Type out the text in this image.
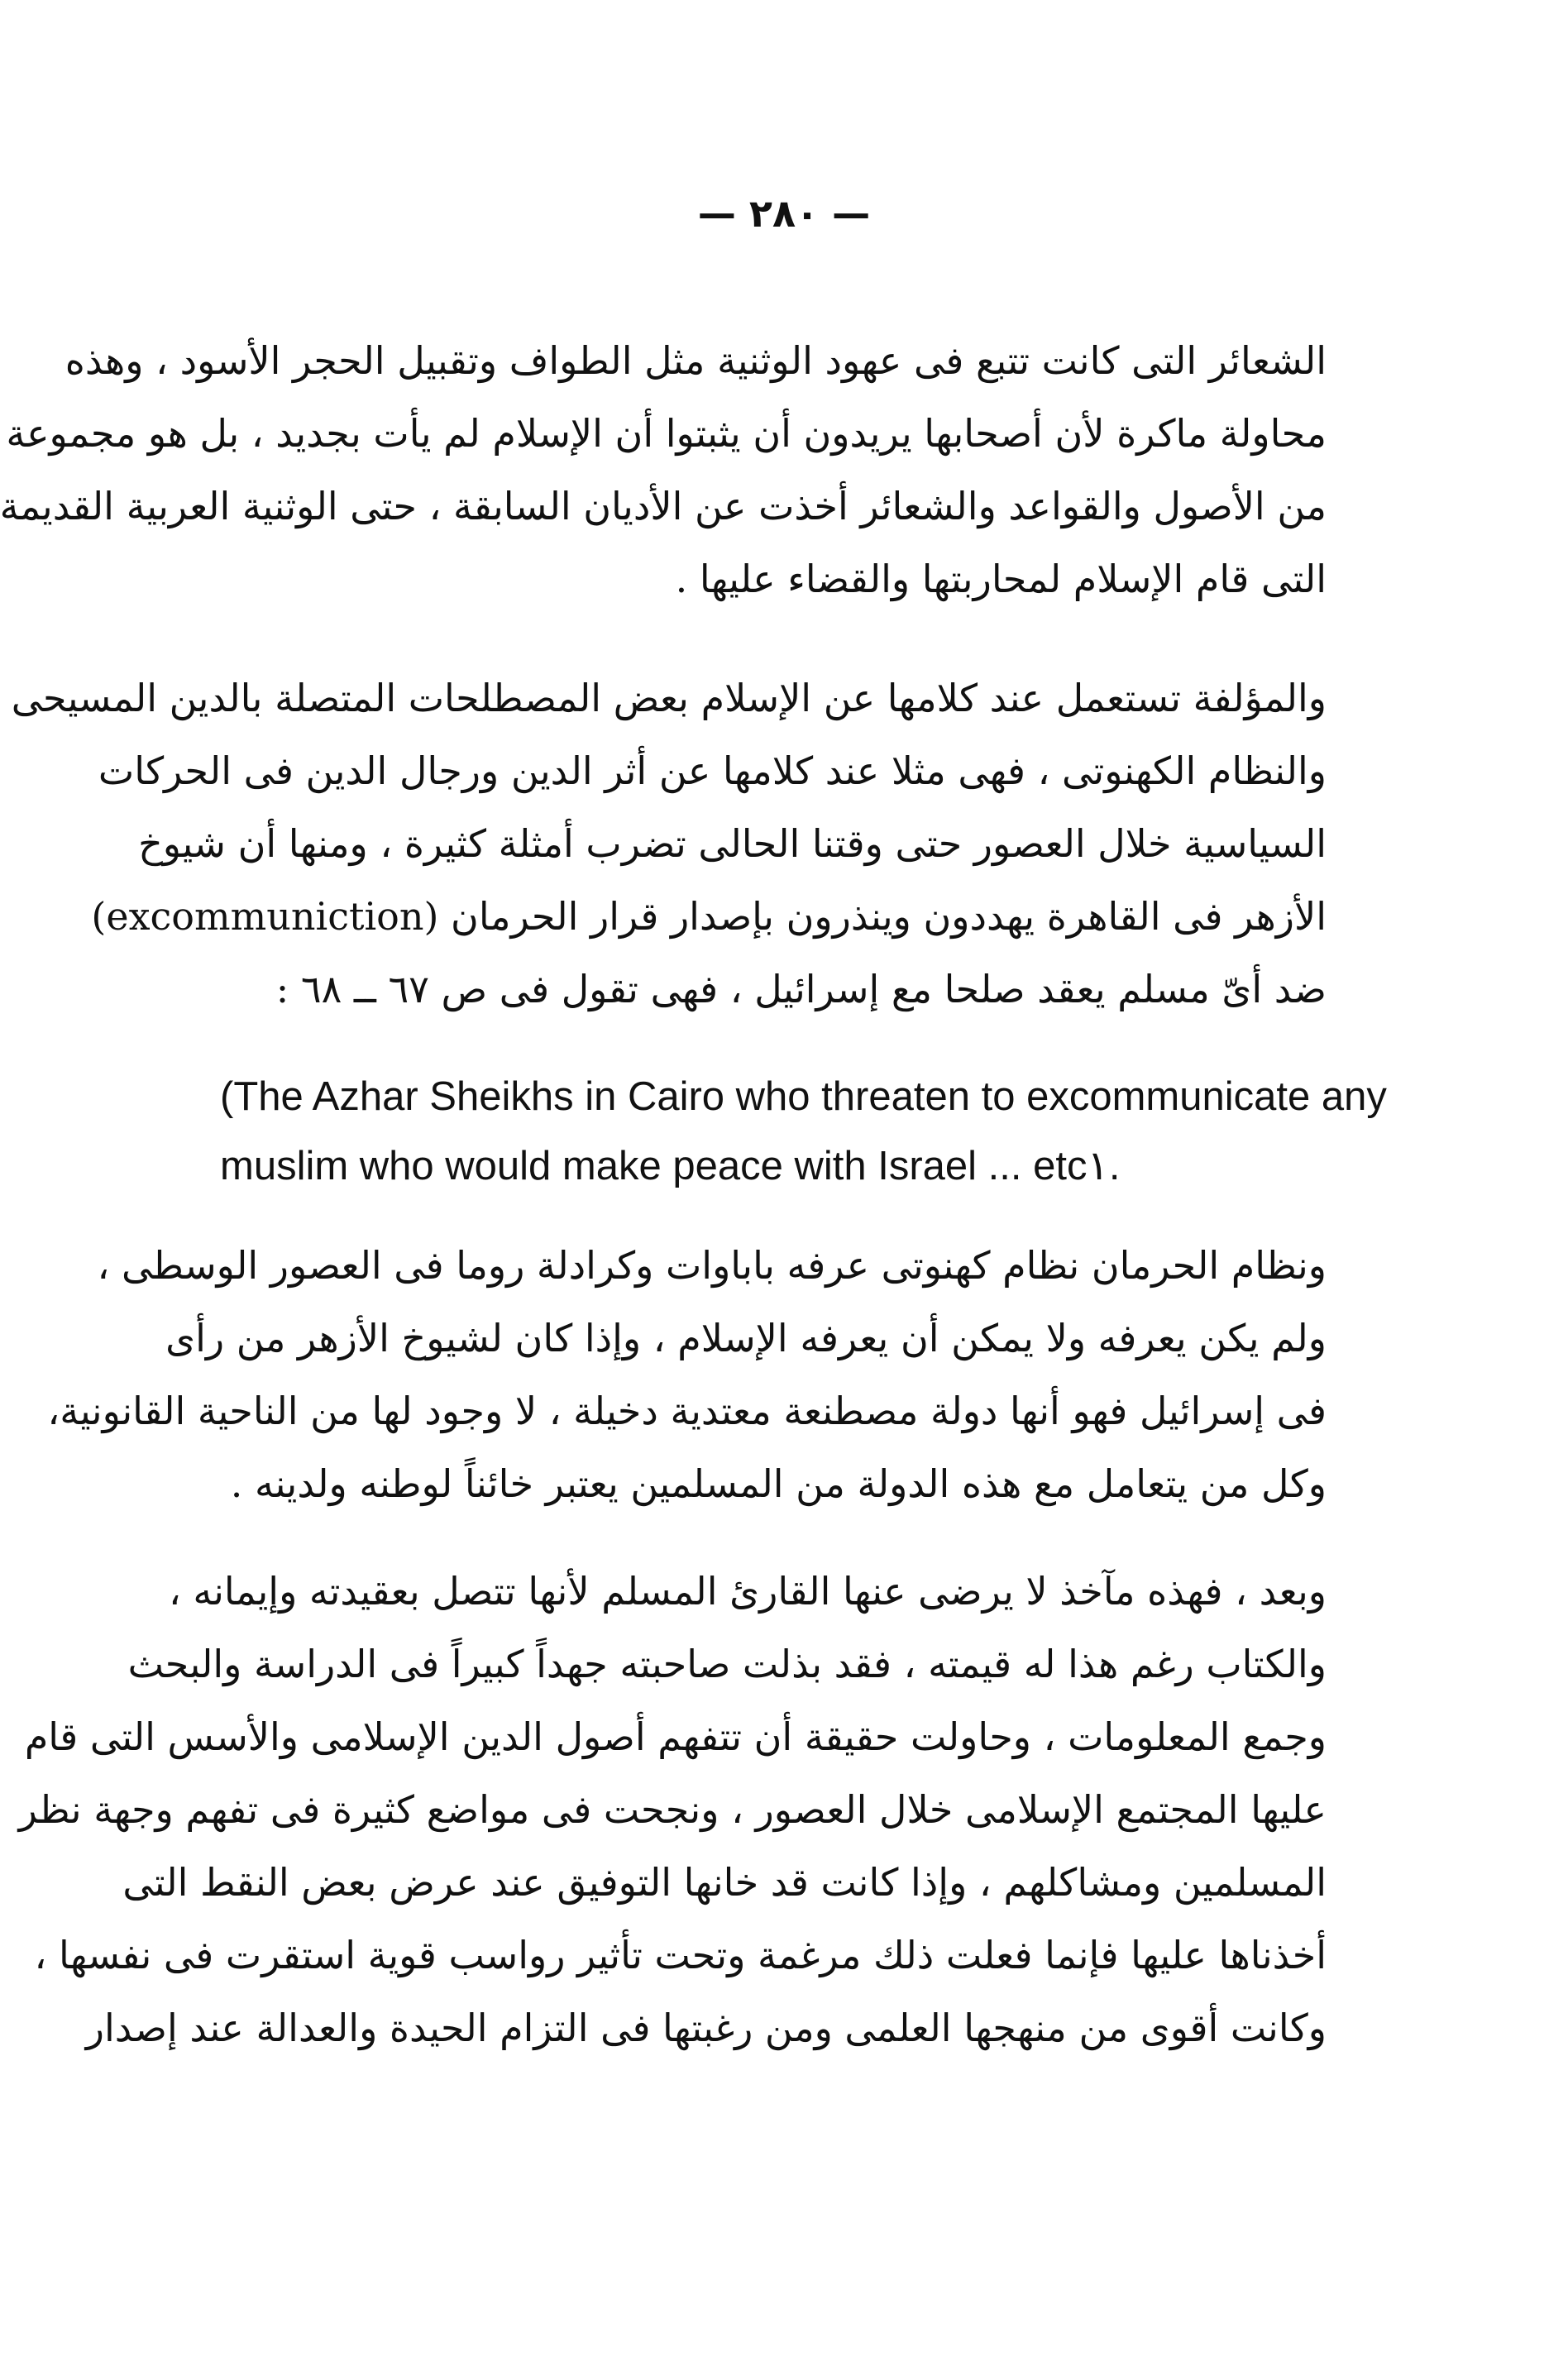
— ٢٨٠ —

الشعائر التى كانت تتبع فى عهود الوثنية مثل الطواف وتقبيل الحجر الأسود ، وهذه
محاولة ماكرة لأن أصحابها يريدون أن يثبتوا أن الإسلام لم يأت بجديد ، بل هو مجموعة
من الأصول والقواعد والشعائر أخذت عن الأديان السابقة ، حتى الوثنية العربية القديمة
التى قام الإسلام لمحاربتها والقضاء عليها .

والمؤلفة تستعمل عند كلامها عن الإسلام بعض المصطلحات المتصلة بالدين المسيحى
والنظام الكهنوتى ، فهى مثلا عند كلامها عن أثر الدين ورجال الدين فى الحركات
السياسية خلال العصور حتى وقتنا الحالى تضرب أمثلة كثيرة ، ومنها أن شيوخ
الأزهر فى القاهرة يهددون وينذرون بإصدار قرار الحرمان (excommuniction)
ضد أىّ مسلم يعقد صلحا مع إسرائيل ، فهى تقول فى ص ٦٧ ــ ٦٨ :

(The Azhar Sheikhs in Cairo who threaten to excommunicate any
muslim who would make peace with Israel ... etc١.

ونظام الحرمان نظام كهنوتى عرفه باباوات وكرادلة روما فى العصور الوسطى ،
ولم يكن يعرفه ولا يمكن أن يعرفه الإسلام ، وإذا كان لشيوخ الأزهر من رأى
فى إسرائيل فهو أنها دولة مصطنعة معتدية دخيلة ، لا وجود لها من الناحية القانونية،
وكل من يتعامل مع هذه الدولة من المسلمين يعتبر خائناً لوطنه ولدينه .

وبعد ، فهذه مآخذ لا يرضى عنها القارئ المسلم لأنها تتصل بعقيدته وإيمانه ،
والكتاب رغم هذا له قيمته ، فقد بذلت صاحبته جهداً كبيراً فى الدراسة والبحث
وجمع المعلومات ، وحاولت حقيقة أن تتفهم أصول الدين الإسلامى والأسس التى قام
عليها المجتمع الإسلامى خلال العصور ، ونجحت فى مواضع كثيرة فى تفهم وجهة نظر
المسلمين ومشاكلهم ، وإذا كانت قد خانها التوفيق عند عرض بعض النقط التى
أخذناها عليها فإنما فعلت ذلك مرغمة وتحت تأثير رواسب قوية استقرت فى نفسها ،
وكانت أقوى من منهجها العلمى ومن رغبتها فى التزام الحيدة والعدالة عند إصدار
